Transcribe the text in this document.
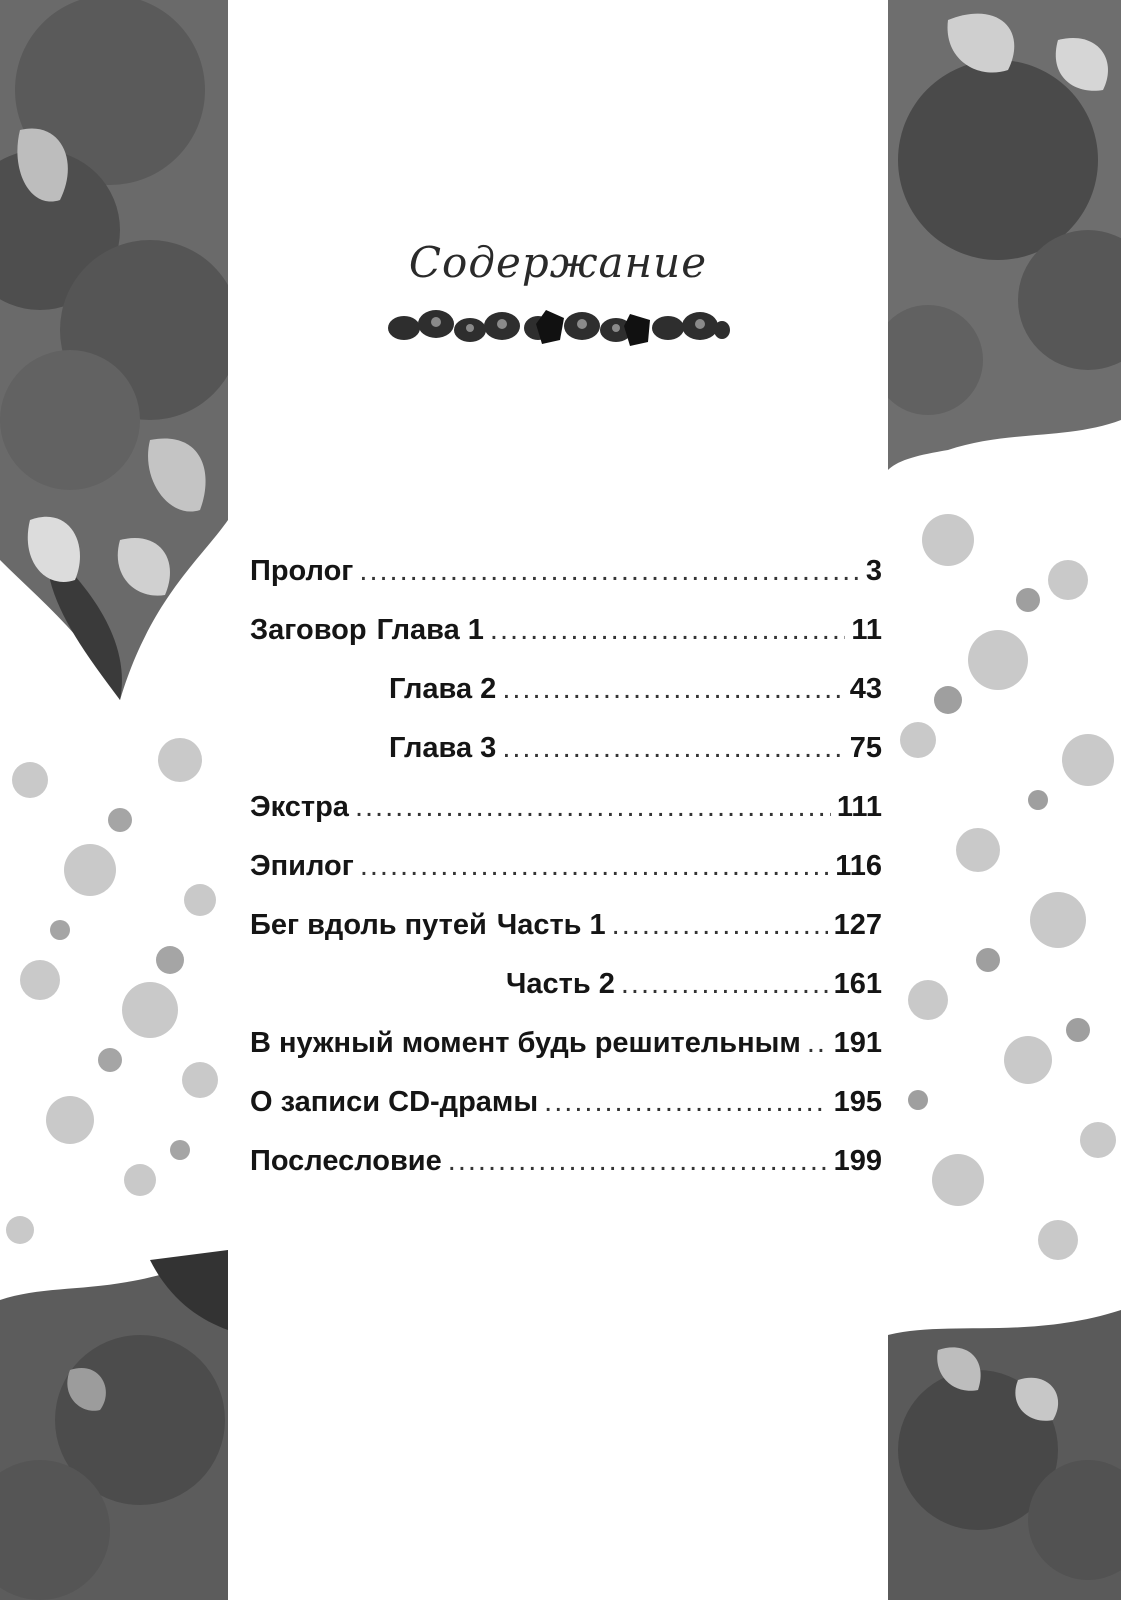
Содержание
Пролог .....	3
Заговор Глава 1 .....	11
Глава 2 .....	43
Глава 3 .....	75
Экстра .....	111
Эпилог .....	116
Бег вдоль путей Часть 1 .....	127
Часть 2 .....	161
В нужный момент будь решительным ..... 191
О записи CD-драмы .....	195
Послесловие .....	199
